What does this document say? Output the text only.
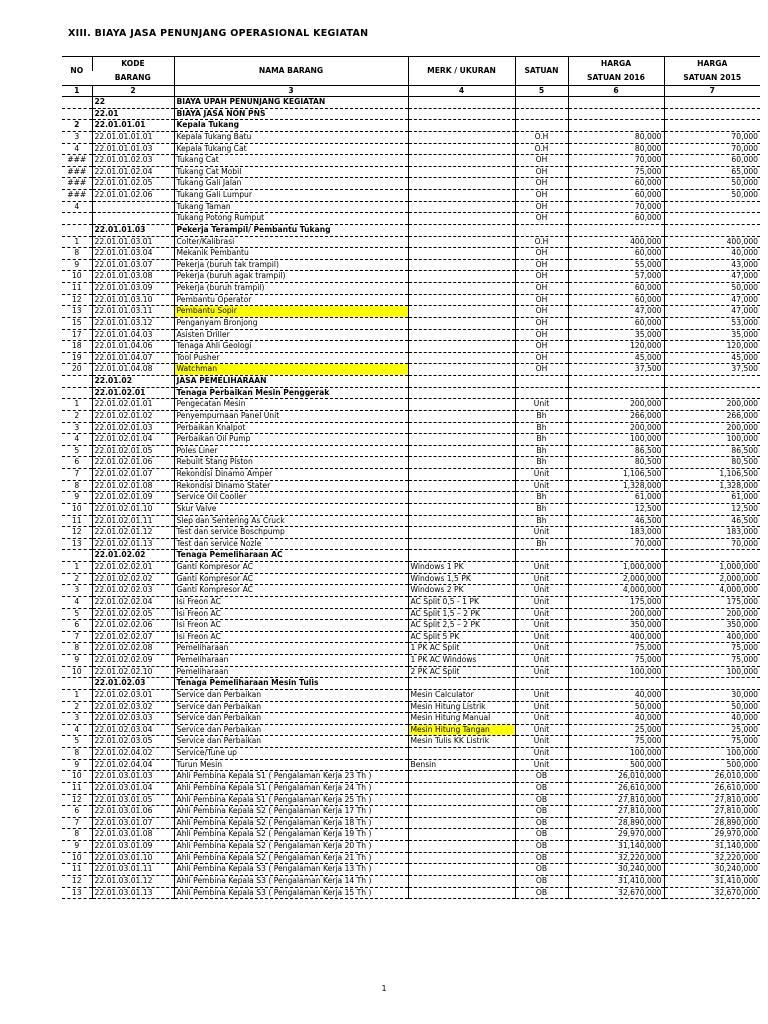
XIII. BIAYA JASA PENUNJANG OPERASIONAL KEGIATAN
NO	KODE	NAMA BARANG	MERK / UKURAN	SATUAN	HARGA	HARGA
	BARANG				SATUAN 2016	SATUAN 2015
1	2	3	4	5	6	7
	22	BIAYA UPAH PENUNJANG KEGIATAN				
	22.01	BIAYA JASA NON PNS				
2	22.01.01.01	Kepala Tukang				
3	22.01.01.01.01	Kepala Tukang Batu		O.H	80,000	70,000
4	22.01.01.01.03	Kepala Tukang Cat		O.H	80,000	70,000
###	22.01.01.02.03	Tukang Cat		OH	70,000	60,000
###	22.01.01.02.04	Tukang Cat Mobil		OH	75,000	65,000
###	22.01.01.02.05	Tukang Gali Jalan		OH	60,000	50,000
###	22.01.01.02.06	Tukang Gali Lumpur		OH	60,000	50,000
4		Tukang Taman		OH	70,000	
		Tukang Potong Rumput		OH	60,000	
	22.01.01.03	Pekerja Terampil/ Pembantu Tukang				
1	22.01.01.03.01	Colter/Kalibrasi		O.H	400,000	400,000
8	22.01.01.03.04	Mekanik Pembantu		OH	60,000	40,000
9	22.01.01.03.07	Pekerja (buruh tak trampil)		OH	55,000	43,000
10	22.01.01.03.08	Pekerja (buruh agak trampil)		OH	57,000	47,000
11	22.01.01.03.09	Pekerja (buruh trampil)		OH	60,000	50,000
12	22.01.01.03.10	Pembantu Operator		OH	60,000	47,000
13	22.01.01.03.11	Pembantu Sopir		OH	47,000	47,000
15	22.01.01.03.12	Penganyam Bronjong		OH	60,000	53,000
17	22.01.01.04.03	Asisten Driller		OH	35,000	35,000
18	22.01.01.04.06	Tenaga Ahli Geologi		OH	120,000	120,000
19	22.01.01.04.07	Tool Pusher		OH	45,000	45,000
20	22.01.01.04.08	Watchman		OH	37,500	37,500
	22.01.02	JASA PEMELIHARAAN				
	22.01.02.01	Tenaga Perbaikan Mesin Penggerak				
1	22.01.02.01.01	Pengecatan Mesin		Unit	200,000	200,000
2	22.01.02.01.02	Penyempurnaan Panel Unit		Bh	266,000	266,000
3	22.01.02.01.03	Perbaikan Knalpot		Bh	200,000	200,000
4	22.01.02.01.04	Perbaikan Oil Pump		Bh	100,000	100,000
5	22.01.02.01.05	Poles Liner		Bh	86,500	86,500
6	22.01.02.01.06	Rebuilt Stang Piston		Bh	80,500	80,500
7	22.01.02.01.07	Rekondisi Dinamo Amper		Unit	1,106,500	1,106,500
8	22.01.02.01.08	Rekondisi Dinamo Stater		Unit	1,328,000	1,328,000
9	22.01.02.01.09	Service Oil Cooller		Bh	61,000	61,000
10	22.01.02.01.10	Skur Valve		Bh	12,500	12,500
11	22.01.02.01.11	Slep dan Sentering As Cruck		Bh	46,500	46,500
12	22.01.02.01.12	Test dan service Boschpump		Unit	183,000	183,000
13	22.01.02.01.13	Test dan service Nozle		Bh	70,000	70,000
	22.01.02.02	Tenaga Pemeliharaan AC				
1	22.01.02.02.01	Ganti Kompresor AC	Windows 1 PK	Unit	1,000,000	1,000,000
2	22.01.02.02.02	Ganti Kompresor AC	Windows 1,5 PK	Unit	2,000,000	2,000,000
3	22.01.02.02.03	Ganti Kompresor AC	Windows 2 PK	Unit	4,000,000	4,000,000
4	22.01.02.02.04	Isi Freon AC	AC Split 0,5 - 1 PK	Unit	175,000	175,000
5	22.01.02.02.05	Isi Freon AC	AC Split 1,5 – 2 PK	Unit	200,000	200,000
6	22.01.02.02.06	Isi Freon AC	AC Split 2,5 – 2 PK	Unit	350,000	350,000
7	22.01.02.02.07	Isi Freon AC	AC Split 5 PK	Unit	400,000	400,000
8	22.01.02.02.08	Pemeliharaan	1 PK AC Split	Unit	75,000	75,000
9	22.01.02.02.09	Pemeliharaan	1 PK AC Windows	Unit	75,000	75,000
10	22.01.02.02.10	Pemeliharaan	2 PK AC Split	Unit	100,000	100,000
	22.01.02.03	Tenaga Pemeliharaan Mesin Tulis				
1	22.01.02.03.01	Service dan Perbaikan	Mesin Calculator	Unit	40,000	30,000
2	22.01.02.03.02	Service dan Perbaikan	Mesin Hitung Listrik	Unit	50,000	50,000
3	22.01.02.03.03	Service dan Perbaikan	Mesin Hitung Manual	Unit	40,000	40,000
4	22.01.02.03.04	Service dan Perbaikan	Mesin Hitung Tangan	Unit	25,000	25,000
5	22.01.02.03.05	Service dan Perbaikan	Mesin Tulis KK Listrik	Unit	75,000	75,000
8	22.01.02.04.02	Service/Tune up		Unit	100,000	100,000
9	22.01.02.04.04	Turun Mesin	Bensin	Unit	500,000	500,000
10	22.01.03.01.03	Ahli Pembina Kepala S1 ( Pengalaman Kerja 23 Th )		OB	26,010,000	26,010,000
11	22.01.03.01.04	Ahli Pembina Kepala S1 ( Pengalaman Kerja 24 Th )		OB	26,610,000	26,610,000
12	22.01.03.01.05	Ahli Pembina Kepala S1 ( Pengalaman Kerja 25 Th )		OB	27,810,000	27,810,000
6	22.01.03.01.06	Ahli Pembina Kepala S2 ( Pengalaman Kerja 17 Th )		OB	27,810,000	27,810,000
7	22.01.03.01.07	Ahli Pembina Kepala S2 ( Pengalaman Kerja 18 Th )		OB	28,890,000	28,890,000
8	22.01.03.01.08	Ahli Pembina Kepala S2 ( Pengalaman Kerja 19 Th )		OB	29,970,000	29,970,000
9	22.01.03.01.09	Ahli Pembina Kepala S2 ( Pengalaman Kerja 20 Th )		OB	31,140,000	31,140,000
10	22.01.03.01.10	Ahli Pembina Kepala S2 ( Pengalaman Kerja 21 Th )		OB	32,220,000	32,220,000
11	22.01.03.01.11	Ahli Pembina Kepala S3 ( Pengalaman Kerja 13 Th )		OB	30,240,000	30,240,000
12	22.01.03.01.12	Ahli Pembina Kepala S3 ( Pengalaman Kerja 14 Th )		OB	31,410,000	31,410,000
13	22.01.03.01.13	Ahli Pembina Kepala S3 ( Pengalaman Kerja 15 Th )		OB	32,670,000	32,670,000
1
